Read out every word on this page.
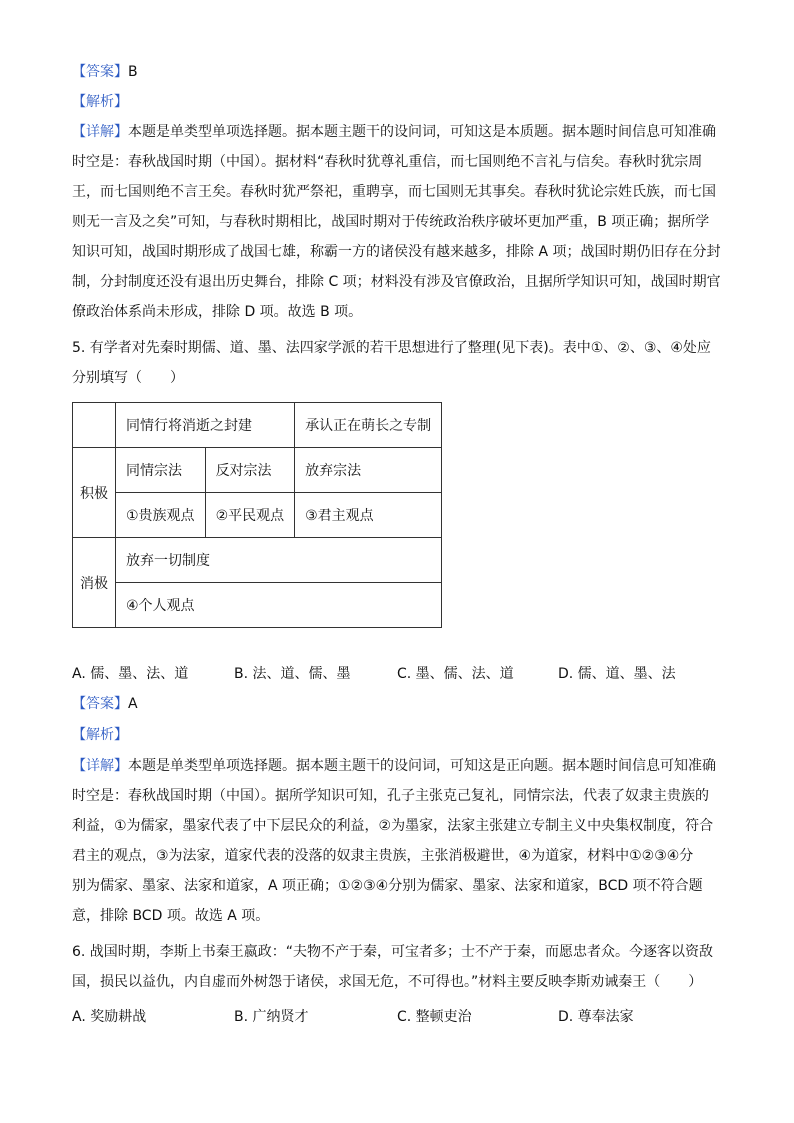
【答案】B
【解析】
【详解】本题是单类型单项选择题。据本题主题干的设问词，可知这是本质题。据本题时间信息可知准确
时空是：春秋战国时期（中国）。据材料“春秋时犹尊礼重信，而七国则绝不言礼与信矣。春秋时犹宗周
王，而七国则绝不言王矣。春秋时犹严祭祀，重聘享，而七国则无其事矣。春秋时犹论宗姓氏族，而七国
则无一言及之矣”可知，与春秋时期相比，战国时期对于传统政治秩序破坏更加严重，B 项正确；据所学
知识可知，战国时期形成了战国七雄，称霸一方的诸侯没有越来越多，排除 A 项；战国时期仍旧存在分封
制，分封制度还没有退出历史舞台，排除 C 项；材料没有涉及官僚政治，且据所学知识可知，战国时期官
僚政治体系尚未形成，排除 D 项。故选 B 项。
5. 有学者对先秦时期儒、道、墨、法四家学派的若干思想进行了整理(见下表)。表中①、②、③、④处应
分别填写（　　）
	同情行将消逝之封建		承认正在萌长之专制
积极	同情宗法	反对宗法	放弃宗法
	①贵族观点	②平民观点	③君主观点
消极	放弃一切制度		
	④个人观点		
A. 儒、墨、法、道	B. 法、道、儒、墨	C. 墨、儒、法、道	D. 儒、道、墨、法
【答案】A
【解析】
【详解】本题是单类型单项选择题。据本题主题干的设问词，可知这是正向题。据本题时间信息可知准确
时空是：春秋战国时期（中国）。据所学知识可知，孔子主张克己复礼，同情宗法，代表了奴隶主贵族的
利益，①为儒家，墨家代表了中下层民众的利益，②为墨家，法家主张建立专制主义中央集权制度，符合
君主的观点，③为法家，道家代表的没落的奴隶主贵族，主张消极避世，④为道家，材料中①②③④分
别为儒家、墨家、法家和道家，A 项正确；①②③④分别为儒家、墨家、法家和道家，BCD 项不符合题
意，排除 BCD 项。故选 A 项。
6. 战国时期，李斯上书秦王嬴政：“夫物不产于秦，可宝者多；士不产于秦，而愿忠者众。今逐客以资敌
国，损民以益仇，内自虚而外树怨于诸侯，求国无危，不可得也。”材料主要反映李斯劝诫秦王（　　）
A. 奖励耕战	B. 广纳贤才	C. 整顿吏治	D. 尊奉法家
